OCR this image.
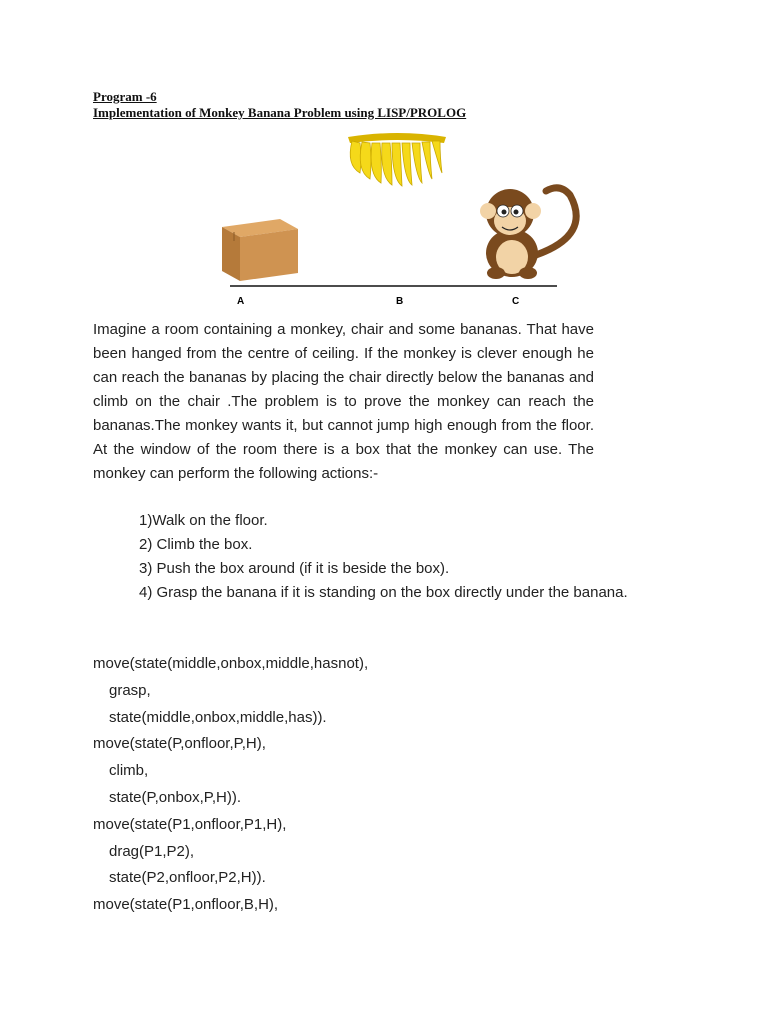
Program -6
Implementation of Monkey Banana Problem using LISP/PROLOG
A	B	C

Imagine a room containing a monkey, chair and some bananas. That have been hanged from the centre of ceiling. If the monkey is clever enough he can reach the bananas by placing the chair directly below the bananas and climb on the chair .The problem is to prove the monkey can reach the bananas.The monkey wants it, but cannot jump high enough from the floor. At the window of the room there is a box that the monkey can use. The monkey can perform the following actions:-

1)Walk on the floor.
2) Climb the box.
3) Push the box around (if it is beside the box).
4) Grasp the banana if it is standing on the box directly under the banana.
move(state(middle,onbox,middle,hasnot),
grasp,
state(middle,onbox,middle,has)).
move(state(P,onfloor,P,H),
climb,
state(P,onbox,P,H)).
move(state(P1,onfloor,P1,H),
drag(P1,P2),
state(P2,onfloor,P2,H)).
move(state(P1,onfloor,B,H),
